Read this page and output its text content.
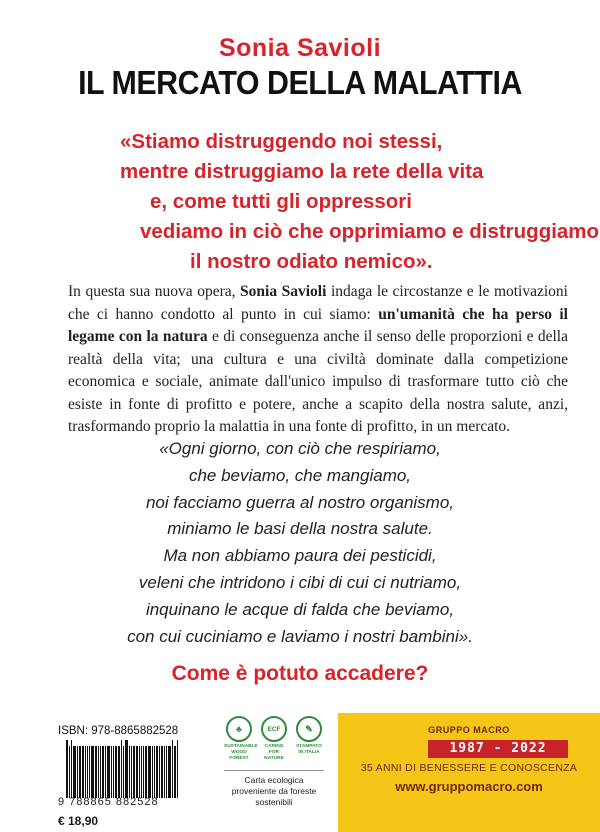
Sonia Savioli
IL MERCATO DELLA MALATTIA
«Stiamo distruggendo noi stessi,
mentre distruggiamo la rete della vita
e, come tutti gli oppressori
vediamo in ciò che opprimiamo e distruggiamo
il nostro odiato nemico».
In questa sua nuova opera, Sonia Savioli indaga le circostanze e le motivazioni che ci hanno condotto al punto in cui siamo: un'umanità che ha perso il legame con la natura e di conseguenza anche il senso delle proporzioni e della realtà della vita; una cultura e una civiltà dominate dalla competizione economica e sociale, animate dall'unico impulso di trasformare tutto ciò che esiste in fonte di profitto e potere, anche a scapito della nostra salute, anzi, trasformando proprio la malattia in una fonte di profitto, in un mercato.
«Ogni giorno, con ciò che respiriamo,
che beviamo, che mangiamo,
noi facciamo guerra al nostro organismo,
miniamo le basi della nostra salute.
Ma non abbiamo paura dei pesticidi,
veleni che intridono i cibi di cui ci nutriamo,
inquinano le acque di falda che beviamo,
con cui cuciniamo e laviamo i nostri bambini».
Come è potuto accadere?
ISBN: 978-8865882528
9 788865 882528
€ 18,90
♣
SUSTAINABLE WOOD FOREST
ECF
CARING FOR NATURE
✎
STAMPATO IN ITALIA
Carta ecologica proveniente da foreste sostenibili
GRUPPO MACRO
1987 - 2022
35 ANNI DI BENESSERE E CONOSCENZA
www.gruppomacro.com
